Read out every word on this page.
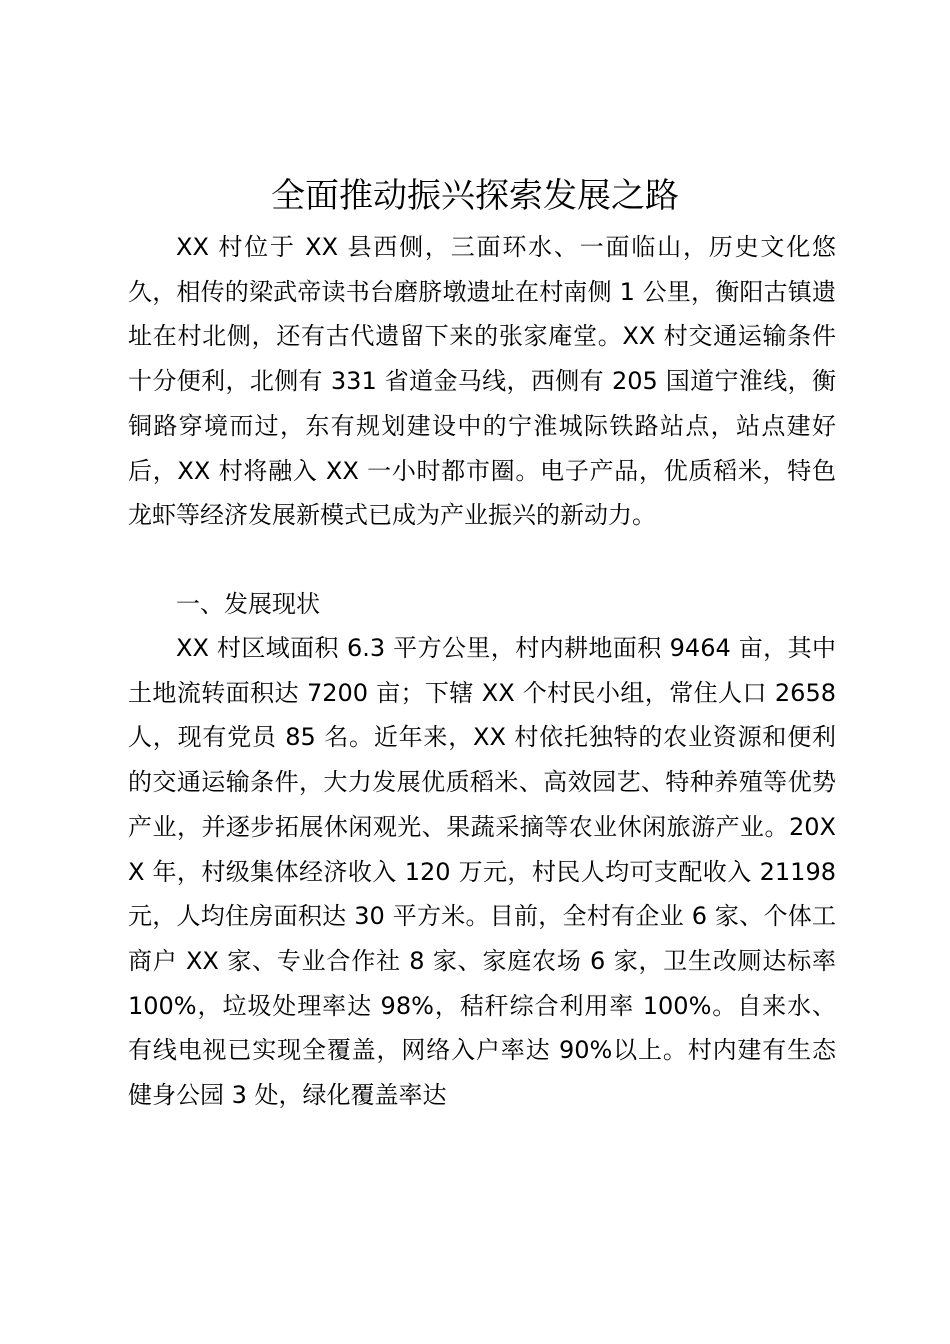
全面推动振兴探索发展之路

XX 村位于 XX 县西侧，三面环水、一面临山，历史文化悠久，相传的梁武帝读书台磨脐墩遗址在村南侧 1 公里，衡阳古镇遗址在村北侧，还有古代遗留下来的张家庵堂。XX 村交通运输条件十分便利，北侧有 331 省道金马线，西侧有 205 国道宁淮线，衡铜路穿境而过，东有规划建设中的宁淮城际铁路站点，站点建好后，XX 村将融入 XX 一小时都市圈。电子产品，优质稻米，特色龙虾等经济发展新模式已成为产业振兴的新动力。

一、发展现状

XX 村区域面积 6.3 平方公里，村内耕地面积 9464 亩，其中土地流转面积达 7200 亩；下辖 XX 个村民小组，常住人口 2658 人，现有党员 85 名。近年来，XX 村依托独特的农业资源和便利的交通运输条件，大力发展优质稻米、高效园艺、特种养殖等优势产业，并逐步拓展休闲观光、果蔬采摘等农业休闲旅游产业。20XX 年，村级集体经济收入 120 万元，村民人均可支配收入 21198 元，人均住房面积达 30 平方米。目前，全村有企业 6 家、个体工商户 XX 家、专业合作社 8 家、家庭农场 6 家，卫生改厕达标率 100%，垃圾处理率达 98%，秸秆综合利用率 100%。自来水、有线电视已实现全覆盖，网络入户率达 90%以上。村内建有生态健身公园 3 处，绿化覆盖率达
